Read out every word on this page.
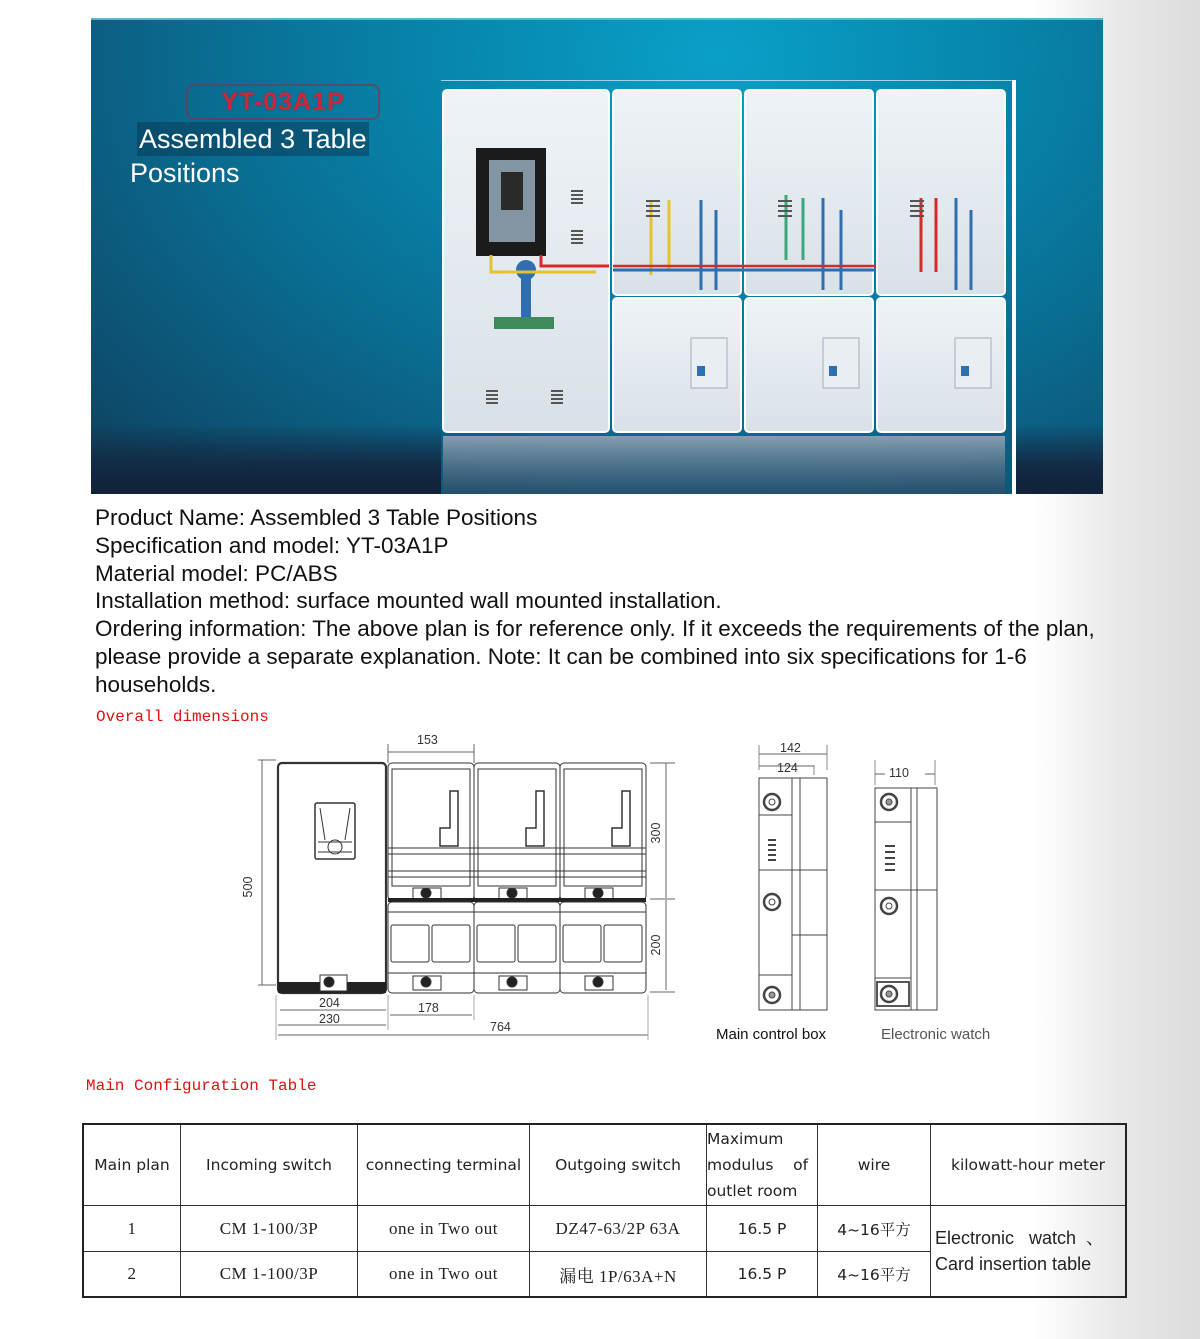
YT-03A1P
Assembled 3 Table
Positions
Product Name: Assembled 3 Table Positions
Specification and model: YT-03A1P
Material model: PC/ABS
Installation method: surface mounted wall mounted installation.
Ordering information: The above plan is for reference only. If it exceeds the requirements of the plan, please provide a separate explanation. Note: It can be combined into six specifications for 1-6 households.
Overall dimensions
153
500
300
200
204	178
230
764
142
124
Main control box
110
Electronic watch
Main Configuration Table
Main plan	Incoming switch	connecting terminal	Outgoing switch	Maximum
modulus    of
outlet room	wire	kilowatt-hour meter
1	CM 1-100/3P	one in Two out	DZ47-63/2P 63A	16.5 P	4~16平方	Electronic   watch  、
Card insertion table

2	CM 1-100/3P	one in Two out	漏电 1P/63A+N	16.5 P	4~16平方	
